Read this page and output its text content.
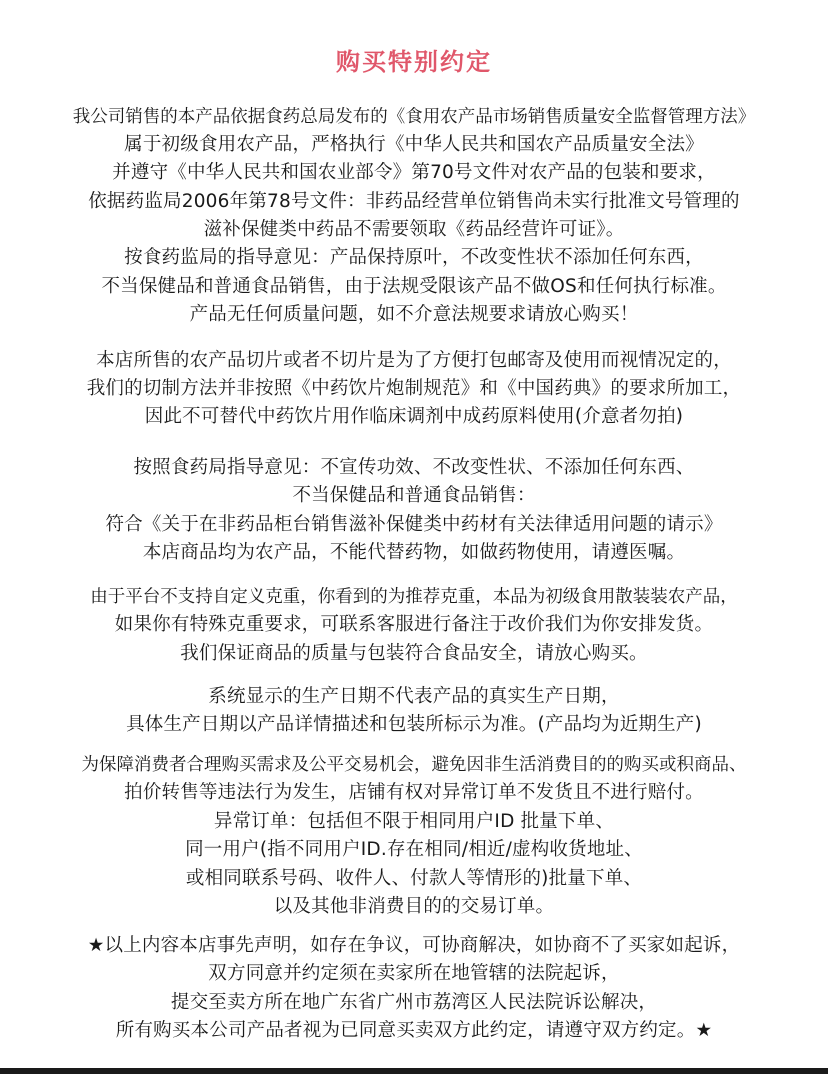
购买特别约定
我公司销售的本产品依据食药总局发布的《食用农产品市场销售质量安全监督管理方法》
属于初级食用农产品，严格执行《中华人民共和国农产品质量安全法》
并遵守《中华人民共和国农业部令》第70号文件对农产品的包装和要求，
依据药监局2006年第78号文件：非药品经营单位销售尚未实行批准文号管理的
滋补保健类中药品不需要领取《药品经营许可证》。
按食药监局的指导意见：产品保持原叶，不改变性状不添加任何东西，
不当保健品和普通食品销售，由于法规受限该产品不做OS和任何执行标准。
产品无任何质量问题，如不介意法规要求请放心购买！
本店所售的农产品切片或者不切片是为了方便打包邮寄及使用而视情况定的，
我们的切制方法并非按照《中药饮片炮制规范》和《中国药典》的要求所加工，
因此不可替代中药饮片用作临床调剂中成药原料使用(介意者勿拍)
按照食药局指导意见：不宣传功效、不改变性状、不添加任何东西、
不当保健品和普通食品销售：
符合《关于在非药品柜台销售滋补保健类中药材有关法律适用问题的请示》
本店商品均为农产品，不能代替药物，如做药物使用，请遵医嘱。
由于平台不支持自定义克重，你看到的为推荐克重，本品为初级食用散装装农产品，
如果你有特殊克重要求，可联系客服进行备注于改价我们为你安排发货。
我们保证商品的质量与包装符合食品安全，请放心购买。
系统显示的生产日期不代表产品的真实生产日期，
具体生产日期以产品详情描述和包装所标示为准。(产品均为近期生产)
为保障消费者合理购买需求及公平交易机会，避免因非生活消费目的的购买或积商品、
拍价转售等违法行为发生，店铺有权对异常订单不发货且不进行赔付。
异常订单：包括但不限于相同用户ID 批量下单、
同一用户(指不同用户ID.存在相同/相近/虚构收货地址、
或相同联系号码、收件人、付款人等情形的)批量下单、
以及其他非消费目的的交易订单。
★以上内容本店事先声明，如存在争议，可协商解决，如协商不了买家如起诉，
双方同意并约定须在卖家所在地管辖的法院起诉，
提交至卖方所在地广东省广州市荔湾区人民法院诉讼解决，
所有购买本公司产品者视为已同意买卖双方此约定，请遵守双方约定。★
